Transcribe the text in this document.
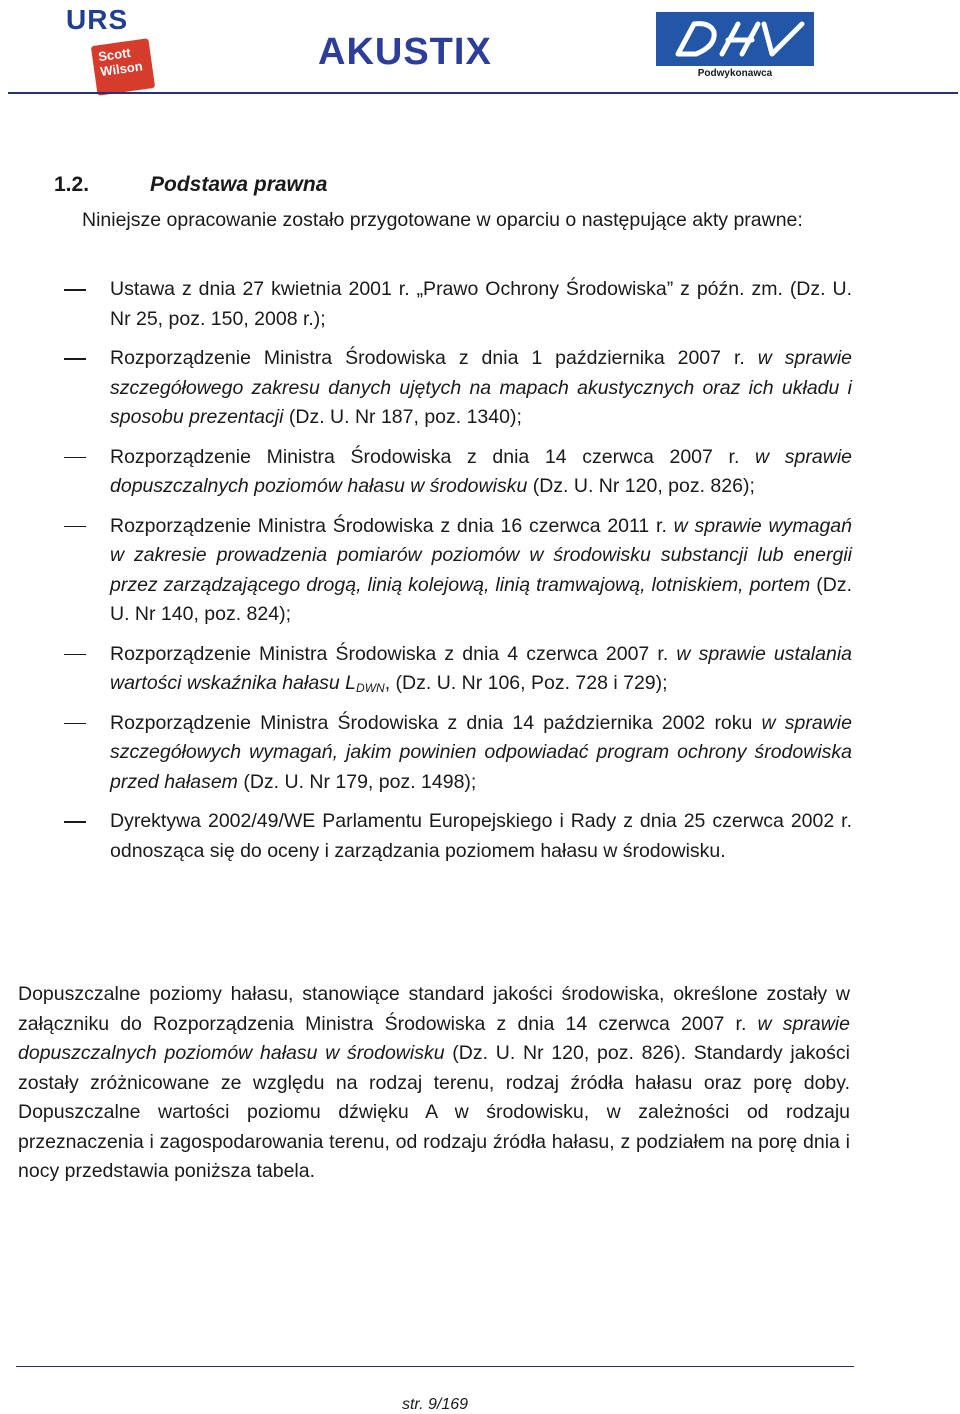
URS
Scott Wilson	AKUSTIX
Podwykonawca
1.2.	Podstawa prawna

Niniejsze opracowanie zostało przygotowane w oparciu o następujące akty prawne:

Ustawa z dnia 27 kwietnia 2001 r. „Prawo Ochrony Środowiska” z późn. zm. (Dz. U. Nr 25, poz. 150, 2008 r.);
Rozporządzenie Ministra Środowiska z dnia 1 października 2007 r. w sprawie szczegółowego zakresu danych ujętych na mapach akustycznych oraz ich układu i sposobu prezentacji (Dz. U. Nr 187, poz. 1340);
Rozporządzenie Ministra Środowiska z dnia 14 czerwca 2007 r. w sprawie dopuszczalnych poziomów hałasu w środowisku (Dz. U. Nr 120, poz. 826);
Rozporządzenie Ministra Środowiska z dnia 16 czerwca 2011 r. w sprawie wymagań w zakresie prowadzenia pomiarów poziomów w środowisku substancji lub energii przez zarządzającego drogą, linią kolejową, linią tramwajową, lotniskiem, portem (Dz. U. Nr 140, poz. 824);
Rozporządzenie Ministra Środowiska z dnia 4 czerwca 2007 r. w sprawie ustalania wartości wskaźnika hałasu $L_{DWN}$, (Dz. U. Nr 106, Poz. 728 i 729);
Rozporządzenie Ministra Środowiska z dnia 14 października 2002 roku w sprawie szczegółowych wymagań, jakim powinien odpowiadać program ochrony środowiska przed hałasem (Dz. U. Nr 179, poz. 1498);
Dyrektywa 2002/49/WE Parlamentu Europejskiego i Rady z dnia 25 czerwca 2002 r. odnosząca się do oceny i zarządzania poziomem hałasu w środowisku.

Dopuszczalne poziomy hałasu, stanowiące standard jakości środowiska, określone zostały w załączniku do Rozporządzenia Ministra Środowiska z dnia 14 czerwca 2007 r. w sprawie dopuszczalnych poziomów hałasu w środowisku (Dz. U. Nr 120, poz. 826). Standardy jakości zostały zróżnicowane ze względu na rodzaj terenu, rodzaj źródła hałasu oraz porę doby. Dopuszczalne wartości poziomu dźwięku A w środowisku, w zależności od rodzaju przeznaczenia i zagospodarowania terenu, od rodzaju źródła hałasu, z podziałem na porę dnia i nocy przedstawia poniższa tabela.

str. 9/169
